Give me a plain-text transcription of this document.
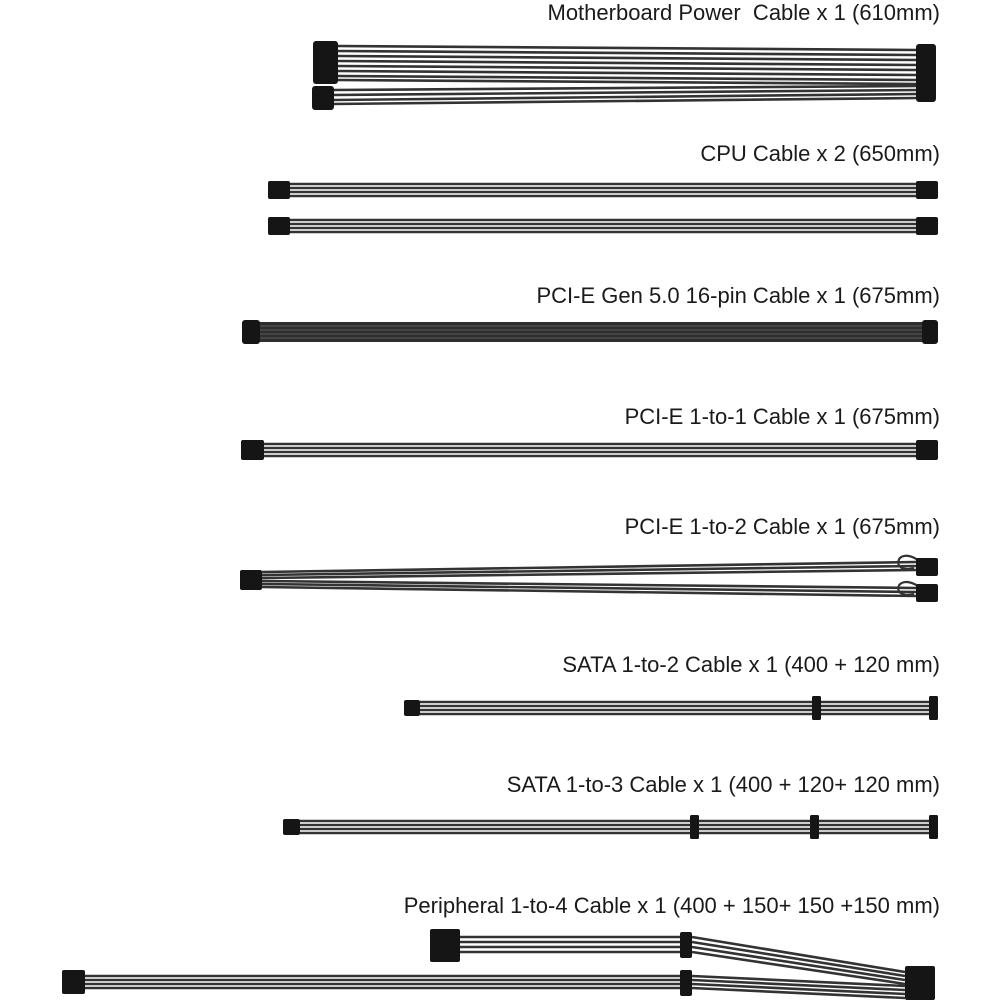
Motherboard Power  Cable x 1 (610mm)
CPU Cable x 2 (650mm)
PCI-E Gen 5.0 16-pin Cable x 1 (675mm)
PCI-E 1-to-1 Cable x 1 (675mm)
PCI-E 1-to-2 Cable x 1 (675mm)
SATA 1-to-2 Cable x 1 (400 + 120 mm)
SATA 1-to-3 Cable x 1 (400 + 120+ 120 mm)
Peripheral 1-to-4 Cable x 1 (400 + 150+ 150 +150 mm)
